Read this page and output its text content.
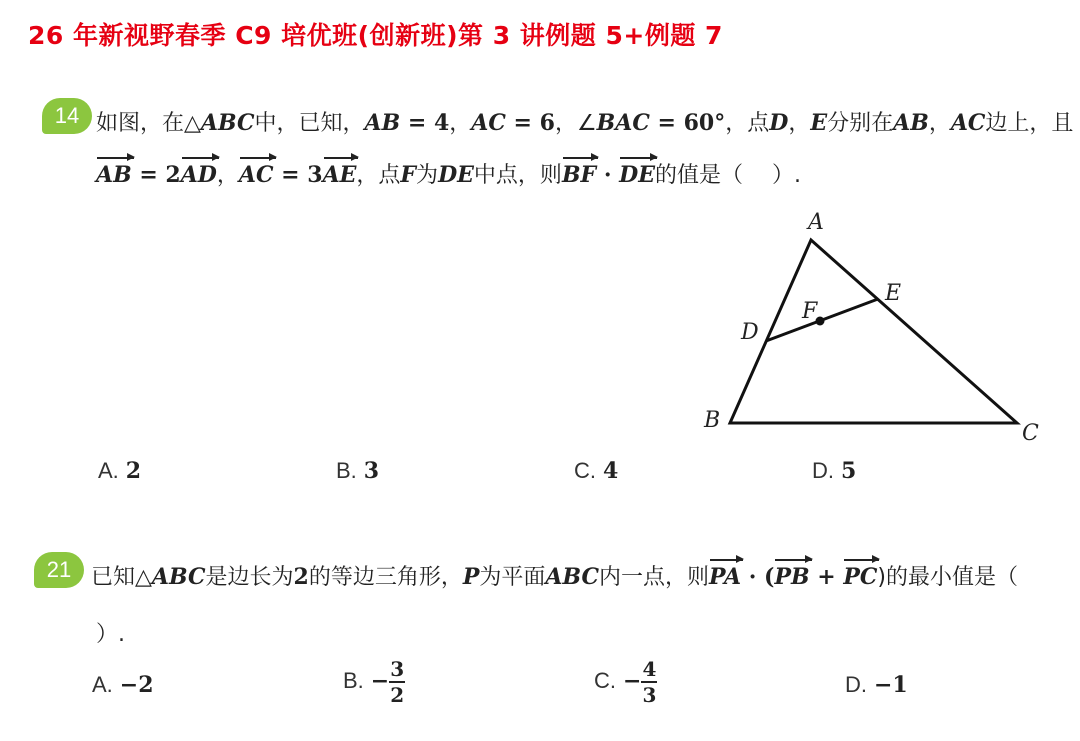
26 年新视野春季 C9 培优班(创新班)第 3 讲例题 5+例题 7
14 如图，在△ABC中，已知，AB = 4，AC = 6，∠BAC = 60°，点D，E分别在AB，AC边上，且
AB = 2AD，AC = 3AE，点F为DE中点，则BF · DE的值是（　 ）.
A
B
C
D
E
F
A. 2	B. 3	C. 4	D. 5
21 已知△ABC是边长为2的等边三角形，P为平面ABC内一点，则PA · (PB + PC)的最小值是（
）.
A. −2	B. − $\frac{3}{2}$	C. − $\frac{4}{3}$	D. −1
